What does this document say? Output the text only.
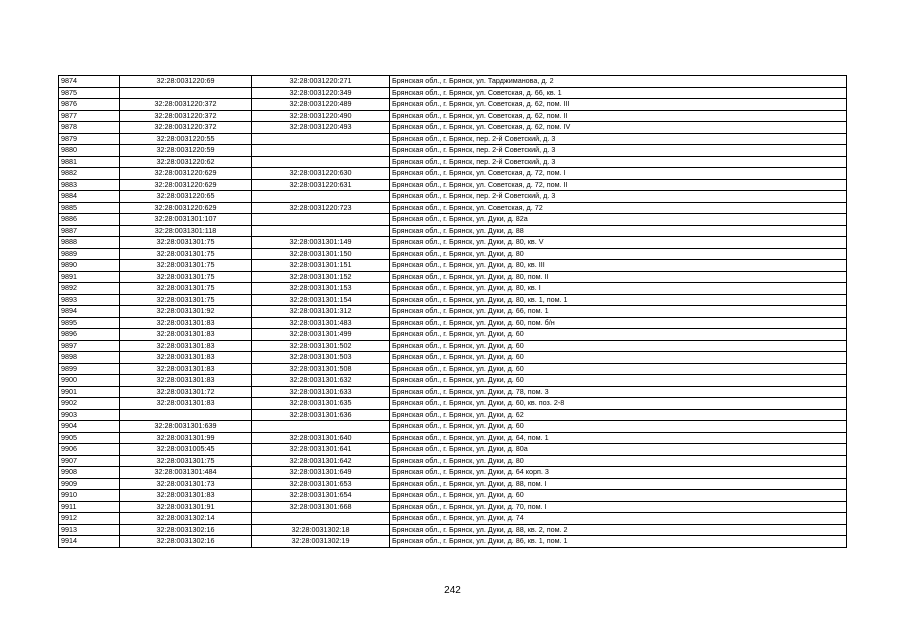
9874	32:28:0031220:69	32:28:0031220:271	Брянская обл., г. Брянск, ул. Тарджиманова, д. 2
9875		32:28:0031220:349	Брянская обл., г. Брянск, ул. Советская, д. 66, кв. 1
9876	32:28:0031220:372	32:28:0031220:489	Брянская обл., г. Брянск, ул. Советская, д. 62, пом. III
9877	32:28:0031220:372	32:28:0031220:490	Брянская обл., г. Брянск, ул. Советская, д. 62, пом. II
9878	32:28:0031220:372	32:28:0031220:493	Брянская обл., г. Брянск, ул. Советская, д. 62, пом. IV
9879	32:28:0031220:55		Брянская обл., г. Брянск, пер. 2-й Советский, д. 3
9880	32:28:0031220:59		Брянская обл., г. Брянск, пер. 2-й Советский, д. 3
9881	32:28:0031220:62		Брянская обл., г. Брянск, пер. 2-й Советский, д. 3
9882	32:28:0031220:629	32:28:0031220:630	Брянская обл., г. Брянск, ул. Советская, д. 72, пом. I
9883	32:28:0031220:629	32:28:0031220:631	Брянская обл., г. Брянск, ул. Советская, д. 72, пом. II
9884	32:28:0031220:65		Брянская обл., г. Брянск, пер. 2-й Советский, д. 3
9885	32:28:0031220:629	32:28:0031220:723	Брянская обл., г. Брянск, ул. Советская, д. 72
9886	32:28:0031301:107		Брянская обл., г. Брянск, ул. Дуки, д. 82а
9887	32:28:0031301:118		Брянская обл., г. Брянск, ул. Дуки, д. 88
9888	32:28:0031301:75	32:28:0031301:149	Брянская обл., г. Брянск, ул. Дуки, д. 80, кв. V
9889	32:28:0031301:75	32:28:0031301:150	Брянская обл., г. Брянск, ул. Дуки, д. 80
9890	32:28:0031301:75	32:28:0031301:151	Брянская обл., г. Брянск, ул. Дуки, д. 80, кв. III
9891	32:28:0031301:75	32:28:0031301:152	Брянская обл., г. Брянск, ул. Дуки, д. 80, пом. II
9892	32:28:0031301:75	32:28:0031301:153	Брянская обл., г. Брянск, ул. Дуки, д. 80, кв. I
9893	32:28:0031301:75	32:28:0031301:154	Брянская обл., г. Брянск, ул. Дуки, д. 80, кв. 1, пом. 1
9894	32:28:0031301:92	32:28:0031301:312	Брянская обл., г. Брянск, ул. Дуки, д. 66, пом. 1
9895	32:28:0031301:83	32:28:0031301:483	Брянская обл., г. Брянск, ул. Дуки, д. 60, пом. б/н
9896	32:28:0031301:83	32:28:0031301:499	Брянская обл., г. Брянск, ул. Дуки, д. 60
9897	32:28:0031301:83	32:28:0031301:502	Брянская обл., г. Брянск, ул. Дуки, д. 60
9898	32:28:0031301:83	32:28:0031301:503	Брянская обл., г. Брянск, ул. Дуки, д. 60
9899	32:28:0031301:83	32:28:0031301:508	Брянская обл., г. Брянск, ул. Дуки, д. 60
9900	32:28:0031301:83	32:28:0031301:632	Брянская обл., г. Брянск, ул. Дуки, д. 60
9901	32:28:0031301:72	32:28:0031301:633	Брянская обл., г. Брянск, ул. Дуки, д. 78, пом. 3
9902	32:28:0031301:83	32:28:0031301:635	Брянская обл., г. Брянск, ул. Дуки, д. 60, кв. поз. 2-8
9903		32:28:0031301:636	Брянская обл., г. Брянск, ул. Дуки, д. 62
9904	32:28:0031301:639		Брянская обл., г. Брянск, ул. Дуки, д. 60
9905	32:28:0031301:99	32:28:0031301:640	Брянская обл., г. Брянск, ул. Дуки, д. 64, пом. 1
9906	32:28:0031005:45	32:28:0031301:641	Брянская обл., г. Брянск, ул. Дуки, д. 80а
9907	32:28:0031301:75	32:28:0031301:642	Брянская обл., г. Брянск, ул. Дуки, д. 80
9908	32:28:0031301:484	32:28:0031301:649	Брянская обл., г. Брянск, ул. Дуки, д. 64 корп. 3
9909	32:28:0031301:73	32:28:0031301:653	Брянская обл., г. Брянск, ул. Дуки, д. 88, пом. I
9910	32:28:0031301:83	32:28:0031301:654	Брянская обл., г. Брянск, ул. Дуки, д. 60
9911	32:28:0031301:91	32:28:0031301:668	Брянская обл., г. Брянск, ул. Дуки, д. 70, пом. I
9912	32:28:0031302:14		Брянская обл., г. Брянск, ул. Дуки, д. 74
9913	32:28:0031302:16	32:28:0031302:18	Брянская обл., г. Брянск, ул. Дуки, д. 88, кв. 2, пом. 2
9914	32:28:0031302:16	32:28:0031302:19	Брянская обл., г. Брянск, ул. Дуки, д. 86, кв. 1, пом. 1
242
